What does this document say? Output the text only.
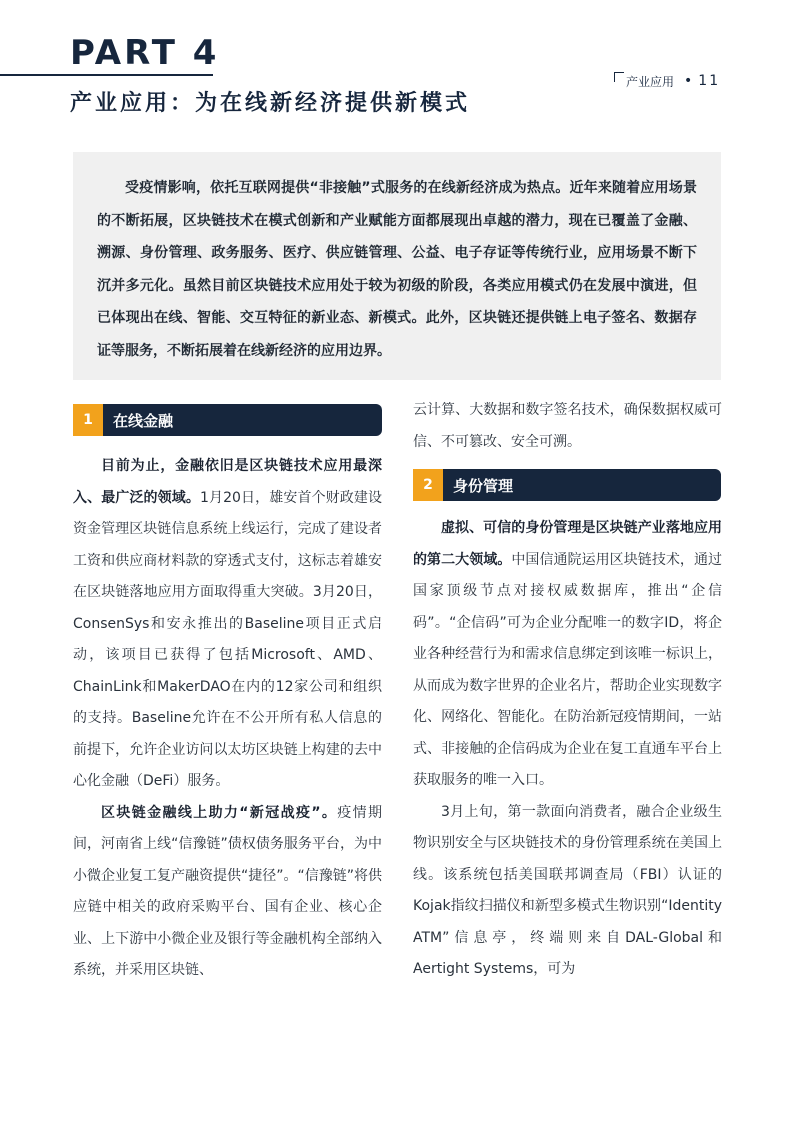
PART 4
产业应用：为在线新经济提供新模式
产业应用 • 11
受疫情影响，依托互联网提供“非接触”式服务的在线新经济成为热点。近年来随着应用场景的不断拓展，区块链技术在模式创新和产业赋能方面都展现出卓越的潜力，现在已覆盖了金融、溯源、身份管理、政务服务、医疗、供应链管理、公益、电子存证等传统行业，应用场景不断下沉并多元化。虽然目前区块链技术应用处于较为初级的阶段，各类应用模式仍在发展中演进，但已体现出在线、智能、交互特征的新业态、新模式。此外，区块链还提供链上电子签名、数据存证等服务，不断拓展着在线新经济的应用边界。
1	在线金融

目前为止，金融依旧是区块链技术应用最深入、最广泛的领域。1月20日，雄安首个财政建设资金管理区块链信息系统上线运行，完成了建设者工资和供应商材料款的穿透式支付，这标志着雄安在区块链落地应用方面取得重大突破。3月20日，ConsenSys和安永推出的Baseline项目正式启动，该项目已获得了包括Microsoft、AMD、ChainLink和MakerDAO在内的12家公司和组织的支持。Baseline允许在不公开所有私人信息的前提下，允许企业访问以太坊区块链上构建的去中心化金融（DeFi）服务。

区块链金融线上助力“新冠战疫”。疫情期间，河南省上线“信豫链”债权债务服务平台，为中小微企业复工复产融资提供“捷径”。“信豫链”将供应链中相关的政府采购平台、国有企业、核心企业、上下游中小微企业及银行等金融机构全部纳入系统，并采用区块链、

云计算、大数据和数字签名技术，确保数据权威可信、不可篡改、安全可溯。

2	身份管理

虚拟、可信的身份管理是区块链产业落地应用的第二大领域。中国信通院运用区块链技术，通过国家顶级节点对接权威数据库，推出“企信码”。“企信码”可为企业分配唯一的数字ID，将企业各种经营行为和需求信息绑定到该唯一标识上，从而成为数字世界的企业名片，帮助企业实现数字化、网络化、智能化。在防治新冠疫情期间，一站式、非接触的企信码成为企业在复工直通车平台上获取服务的唯一入口。

3月上旬，第一款面向消费者，融合企业级生物识别安全与区块链技术的身份管理系统在美国上线。该系统包括美国联邦调查局（FBI）认证的Kojak指纹扫描仪和新型多模式生物识别“Identity ATM”信息亭，终端则来自DAL-Global和Aertight Systems，可为
